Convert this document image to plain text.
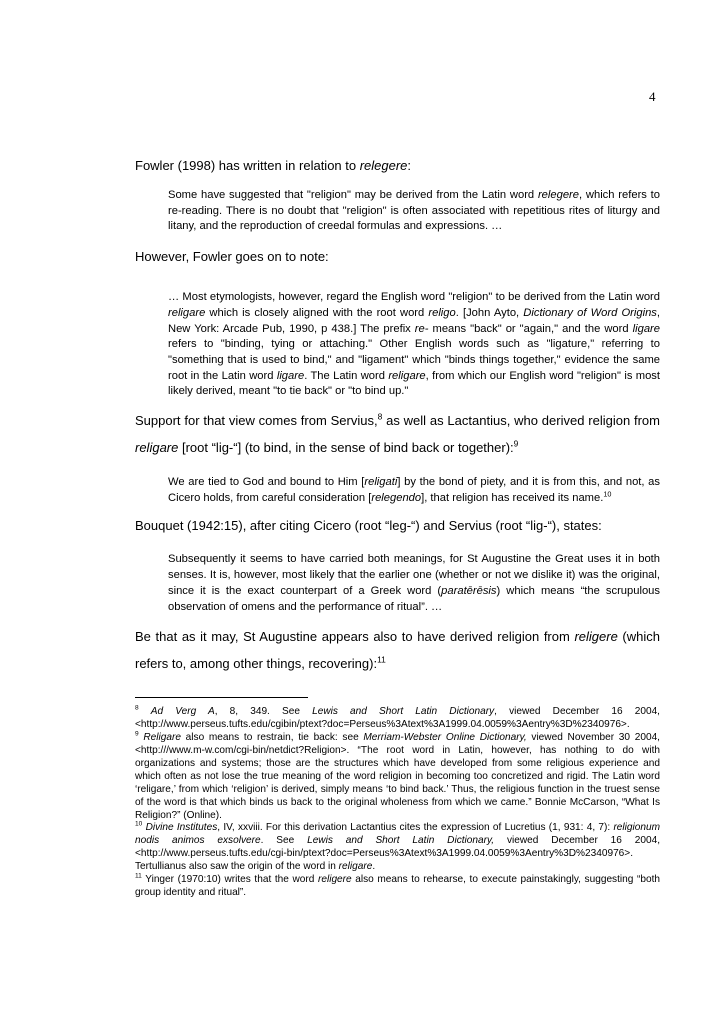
4

Fowler (1998) has written in relation to relegere:

Some have suggested that "religion" may be derived from the Latin word relegere, which refers to re-reading. There is no doubt that "religion" is often associated with repetitious rites of liturgy and litany, and the reproduction of creedal formulas and expressions. …

However, Fowler goes on to note:

… Most etymologists, however, regard the English word "religion" to be derived from the Latin word religare which is closely aligned with the root word religo. [John Ayto, Dictionary of Word Origins, New York: Arcade Pub, 1990, p 438.] The prefix re- means "back" or "again," and the word ligare refers to "binding, tying or attaching." Other English words such as "ligature," referring to "something that is used to bind," and "ligament" which "binds things together," evidence the same root in the Latin word ligare. The Latin word religare, from which our English word "religion" is most likely derived, meant "to tie back" or "to bind up."

Support for that view comes from Servius,$^8$ as well as Lactantius, who derived religion from religare [root “lig-“] (to bind, in the sense of bind back or together):$^9$

We are tied to God and bound to Him [religati] by the bond of piety, and it is from this, and not, as Cicero holds, from careful consideration [relegendo], that religion has received its name.$^{10}$

Bouquet (1942:15), after citing Cicero (root “leg-“) and Servius (root “lig-“), states:

Subsequently it seems to have carried both meanings, for St Augustine the Great uses it in both senses. It is, however, most likely that the earlier one (whether or not we dislike it) was the original, since it is the exact counterpart of a Greek word (paratērēsis) which means “the scrupulous observation of omens and the performance of ritual”. …

Be that as it may, St Augustine appears also to have derived religion from religere (which refers to, among other things, recovering):$^{11}$

$^8$ Ad Verg A, 8, 349. See Lewis and Short Latin Dictionary, viewed December 16 2004, <http://www.perseus.tufts.edu/cgibin/ptext?doc=Perseus%3Atext%3A1999.04.0059%3Aentry%3D%2340976>.

$^9$ Religare also means to restrain, tie back: see Merriam-Webster Online Dictionary, viewed November 30 2004, <http:///www.m-w.com/cgi-bin/netdict?Religion>. “The root word in Latin, however, has nothing to do with organizations and systems; those are the structures which have developed from some religious experience and which often as not lose the true meaning of the word religion in becoming too concretized and rigid. The Latin word ‘religare,’ from which ‘religion’ is derived, simply means ‘to bind back.’ Thus, the religious function in the truest sense of the word is that which binds us back to the original wholeness from which we came.” Bonnie McCarson, “What Is Religion?” (Online).

$^{10}$ Divine Institutes, IV, xxviii. For this derivation Lactantius cites the expression of Lucretius (1, 931: 4, 7): religionum nodis animos exsolvere. See Lewis and Short Latin Dictionary, viewed December 16 2004, <http://www.perseus.tufts.edu/cgi-bin/ptext?doc=Perseus%3Atext%3A1999.04.0059%3Aentry%3D%2340976>. Tertullianus also saw the origin of the word in religare.

$^{11}$ Yinger (1970:10) writes that the word religere also means to rehearse, to execute painstakingly, suggesting “both group identity and ritual”.
